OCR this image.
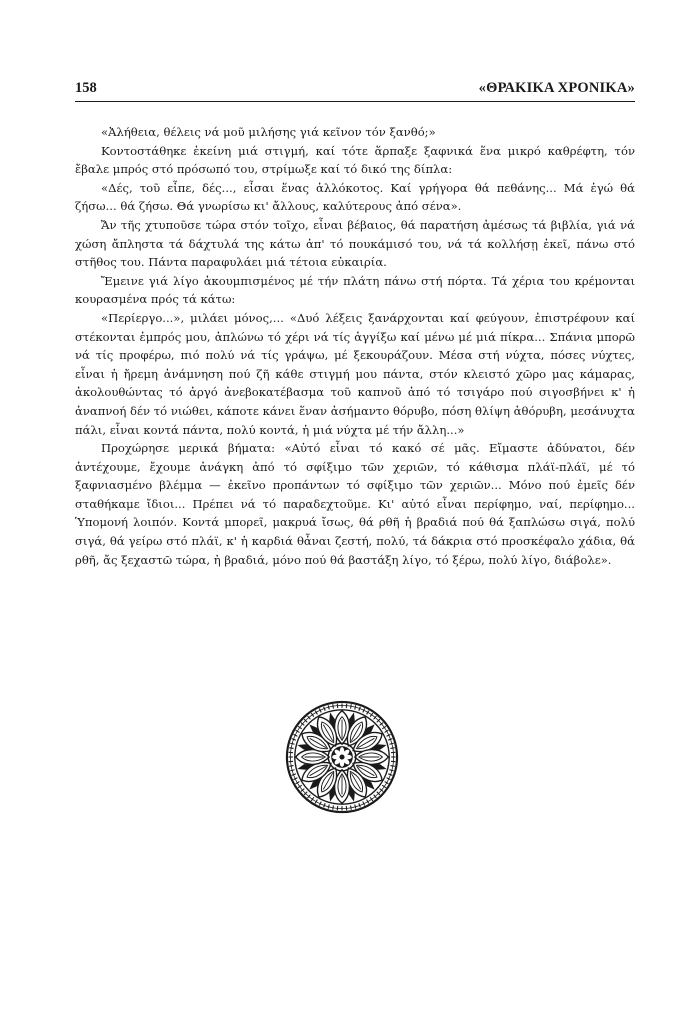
158	«ΘΡΑΚΙΚΑ ΧΡΟΝΙΚΑ»

«Ἀλήθεια, θέλεις νά μοῦ μιλήσης γιά κεῖνον τόν ξανθό;»

Κοντοστάθηκε ἐκείνη μιά στιγμή, καί τότε ἅρπαξε ξαφνικά ἕνα μικρό καθρέφτη, τόν ἔβαλε μπρός στό πρόσωπό του, στρίμωξε καί τό δικό της δίπλα:

«Δές, τοῦ εἶπε, δές..., εἶσαι ἕνας ἀλλόκοτος. Καί γρήγορα θά πεθάνης... Μά ἐγώ θά ζήσω... θά ζήσω. Θά γνωρίσω κι' ἄλλους, καλύτερους ἀπό σένα».

Ἄν τῆς χτυποῦσε τώρα στόν τοῖχο, εἶναι βέβαιος, θά παρατήση ἀμέσως τά βιβλία, γιά νά χώση ἄπληστα τά δάχτυλά της κάτω ἀπ' τό πουκάμισό του, νά τά κολλήσῃ ἐκεῖ, πάνω στό στῆθος του. Πάντα παραφυλάει μιά τέτοια εὐκαιρία.

Ἔμεινε γιά λίγο ἀκουμπισμένος μέ τήν πλάτη πάνω στή πόρτα. Τά χέρια του κρέμονται κουρασμένα πρός τά κάτω:

«Περίεργο...», μιλάει μόνος,... «Δυό λέξεις ξανάρχονται καί φεύγουν, ἐπιστρέφουν καί στέκονται ἐμπρός μου, ἁπλώνω τό χέρι νά τίς ἀγγίξω καί μένω μέ μιά πίκρα... Σπάνια μπορῶ νά τίς προφέρω, πιό πολύ νά τίς γράψω, μέ ξεκουράζουν. Μέσα στή νύχτα, πόσες νύχτες, εἶναι ἡ ἤρεμη ἀνάμνηση πού ζῆ κάθε στιγμή μου πάντα, στόν κλειστό χῶρο μας κάμαρας, ἀκολουθώντας τό ἀργό ἀνεβοκατέβασμα τοῦ καπνοῦ ἀπό τό τσιγάρο πού σιγοσβήνει κ' ἡ ἀναπνοή δέν τό νιώθει, κάποτε κάνει ἕναν ἀσήμαντο θόρυβο, πόση θλίψη ἀθόρυβη, μεσάνυχτα πάλι, εἶναι κοντά πάντα, πολύ κοντά, ἡ μιά νύχτα μέ τήν ἄλλη...»

Προχώρησε μερικά βήματα: «Αὐτό εἶναι τό κακό σέ μᾶς. Εἴμαστε ἀδύνατοι, δέν ἀντέχουμε, ἔχουμε ἀνάγκη ἀπό τό σφίξιμο τῶν χεριῶν, τό κάθισμα πλάϊ-πλάϊ, μέ τό ξαφνιασμένο βλέμμα — ἐκεῖνο προπάντων τό σφίξιμο τῶν χεριῶν... Μόνο πού ἐμεῖς δέν σταθήκαμε ἴδιοι... Πρέπει νά τό παραδεχτοῦμε. Κι' αὐτό εἶναι περίφημο, ναί, περίφημο... Ὑπομονή λοιπόν. Κοντά μπορεῖ, μακρυά ἴσως, θά ρθῆ ἡ βραδιά πού θά ξαπλώσω σιγά, πολύ σιγά, θά γείρω στό πλάϊ, κ' ἡ καρδιά θἆναι ζεστή, πολύ, τά δάκρια στό προσκέφαλο χάδια, θά ρθῆ, ἄς ξεχαστῶ τώρα, ἡ βραδιά, μόνο πού θά βαστάξη λίγο, τό ξέρω, πολύ λίγο, διάβολε».
